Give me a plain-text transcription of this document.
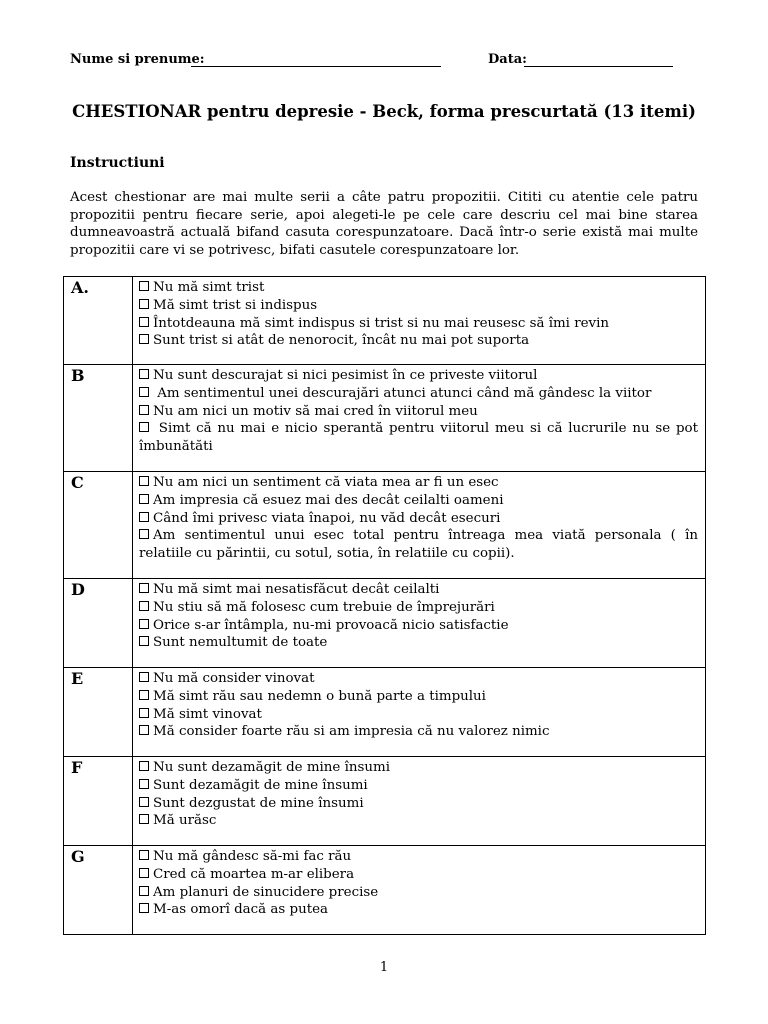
Nume si prenume:	Data:
CHESTIONAR pentru depresie - Beck, forma prescurtată (13 itemi)
Instructiuni
Acest chestionar are mai multe serii a câte patru propozitii. Cititi cu atentie cele patru propozitii pentru fiecare serie, apoi alegeti-le pe cele care descriu cel mai bine starea dumneavoastră actuală bifand casuta corespunzatoare. Dacă într-o serie există mai multe propozitii care vi se potrivesc, bifati casutele corespunzatoare lor.
A.	Nu mă simt trist
Mă simt trist si indispus
Întotdeauna mă simt indispus si trist si nu mai reusesc să îmi revin
Sunt trist si atât de nenorocit, încât nu mai pot suporta

B	Nu sunt descurajat si nici pesimist în ce priveste viitorul
Am sentimentul unei descurajări atunci atunci când mă gândesc la viitor
Nu am nici un motiv să mai cred în viitorul meu
Simt că nu mai e nicio sperantă pentru viitorul meu si că lucrurile nu se pot îmbunătăti

C	Nu am nici un sentiment că viata mea ar fi un esec
Am impresia că esuez mai des decât ceilalti oameni
Când îmi privesc viata înapoi, nu văd decât esecuri
Am sentimentul unui esec total pentru întreaga mea viată personala ( în relatiile cu părintii, cu sotul, sotia, în relatiile cu copii).

D	Nu mă simt mai nesatisfăcut decât ceilalti
Nu stiu să mă folosesc cum trebuie de împrejurări
Orice s-ar întâmpla, nu-mi provoacă nicio satisfactie
Sunt nemultumit de toate

E	Nu mă consider vinovat
Mă simt rău sau nedemn o bună parte a timpului
Mă simt vinovat
Mă consider foarte rău si am impresia că nu valorez nimic

F	Nu sunt dezamăgit de mine însumi
Sunt dezamăgit de mine însumi
Sunt dezgustat de mine însumi
Mă urăsc

G	Nu mă gândesc să-mi fac rău
Cred că moartea m-ar elibera
Am planuri de sinucidere precise
M-as omorî dacă as putea
1
